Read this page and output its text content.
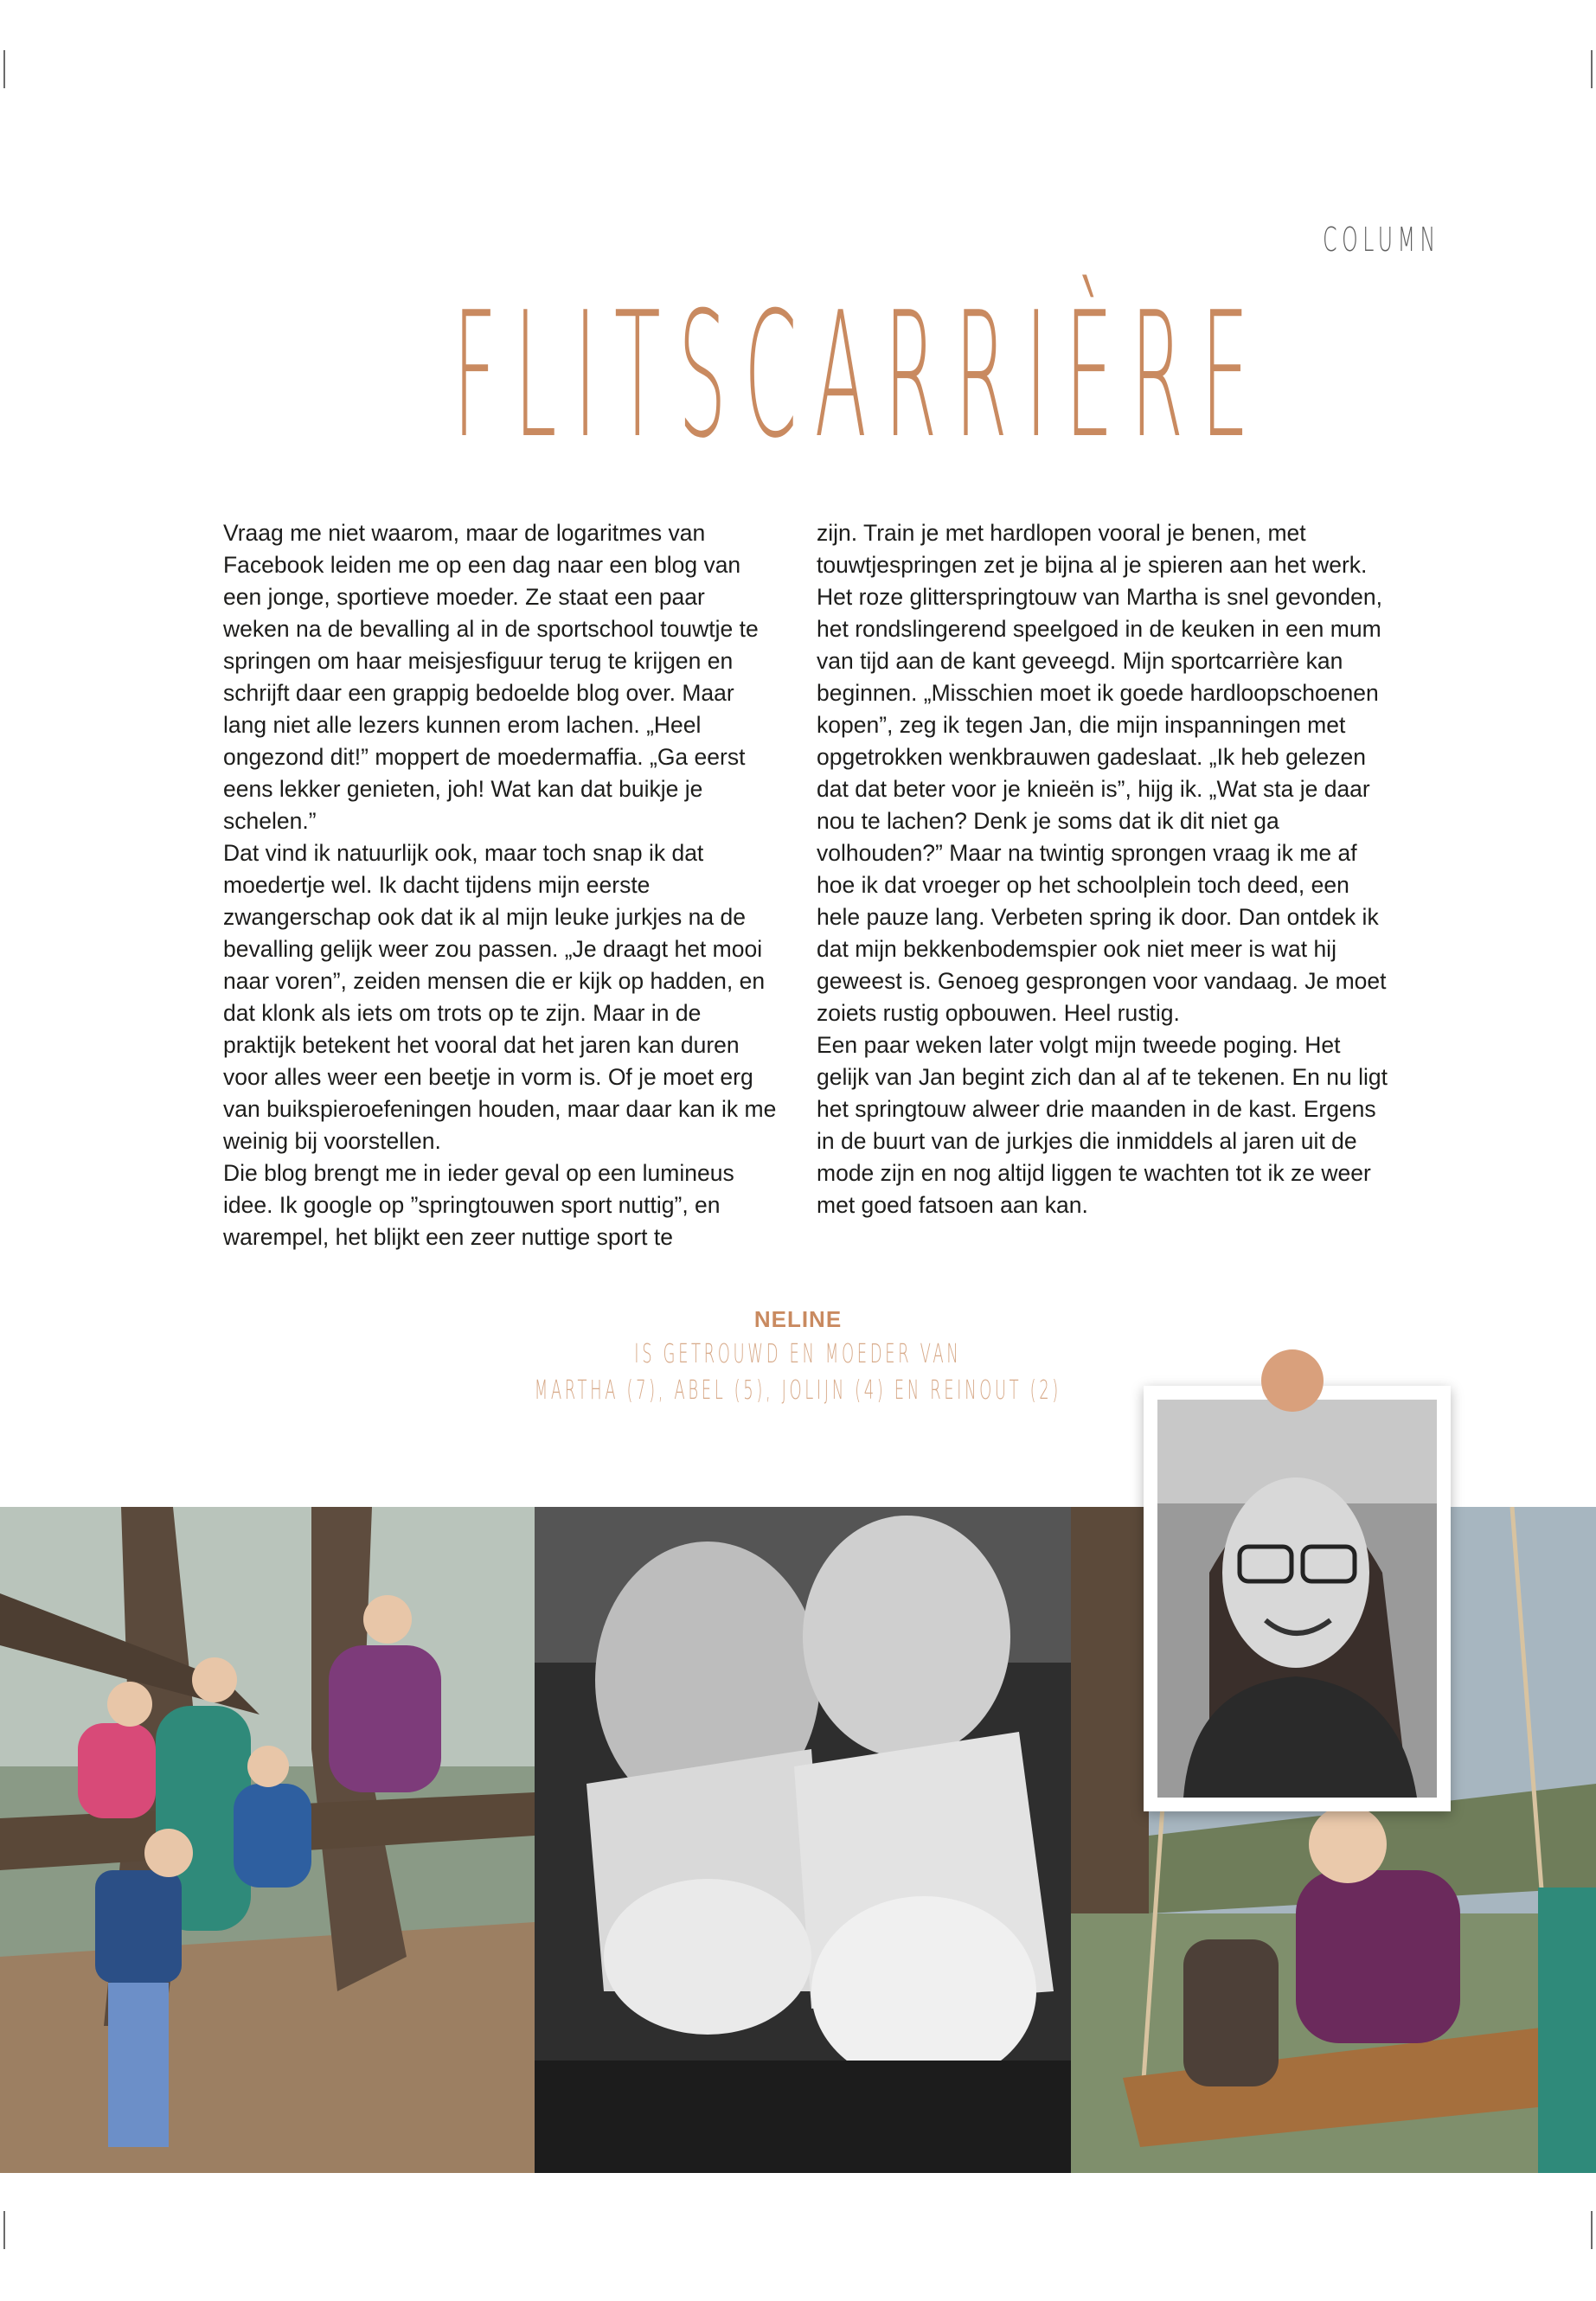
COLUMN
FLITSCARRIÈRE

Vraag me niet waarom, maar de logaritmes van Facebook leiden me op een dag naar een blog van een jonge, sportieve moeder. Ze staat een paar weken na de bevalling al in de sportschool touwtje te springen om haar meisjesfiguur terug te krijgen en schrijft daar een grappig bedoelde blog over. Maar lang niet alle lezers kunnen erom lachen. „Heel ongezond dit!” moppert de moedermaffia. „Ga eerst eens lekker genieten, joh! Wat kan dat buikje je schelen.”

Dat vind ik natuurlijk ook, maar toch snap ik dat moedertje wel. Ik dacht tijdens mijn eerste zwangerschap ook dat ik al mijn leuke jurkjes na de bevalling gelijk weer zou passen. „Je draagt het mooi naar voren”, zeiden mensen die er kijk op hadden, en dat klonk als iets om trots op te zijn. Maar in de praktijk betekent het vooral dat het jaren kan duren voor alles weer een beetje in vorm is. Of je moet erg van buikspieroefeningen houden, maar daar kan ik me weinig bij voorstellen.

Die blog brengt me in ieder geval op een lumineus idee. Ik google op ”springtouwen sport nuttig”, en warempel, het blijkt een zeer nuttige sport te

zijn. Train je met hardlopen vooral je benen, met touwtjespringen zet je bijna al je spieren aan het werk. Het roze glitterspringtouw van Martha is snel gevonden, het rondslingerend speelgoed in de keuken in een mum van tijd aan de kant geveegd. Mijn sportcarrière kan beginnen. „Misschien moet ik goede hardloopschoenen kopen”, zeg ik tegen Jan, die mijn inspanningen met opgetrokken wenkbrauwen gadeslaat. „Ik heb gelezen dat dat beter voor je knieën is”, hijg ik. „Wat sta je daar nou te lachen? Denk je soms dat ik dit niet ga volhouden?” Maar na twintig sprongen vraag ik me af hoe ik dat vroeger op het schoolplein toch deed, een hele pauze lang. Verbeten spring ik door. Dan ontdek ik dat mijn bekkenbodemspier ook niet meer is wat hij geweest is. Genoeg gesprongen voor vandaag. Je moet zoiets rustig opbouwen. Heel rustig.

Een paar weken later volgt mijn tweede poging. Het gelijk van Jan begint zich dan al af te tekenen. En nu ligt het springtouw alweer drie maanden in de kast. Ergens in de buurt van de jurkjes die inmiddels al jaren uit de mode zijn en nog altijd liggen te wachten tot ik ze weer met goed fatsoen aan kan.

NELINE
IS GETROUWD EN MOEDER VAN
MARTHA (7), ABEL (5), JOLIJN (4) EN REINOUT (2)
